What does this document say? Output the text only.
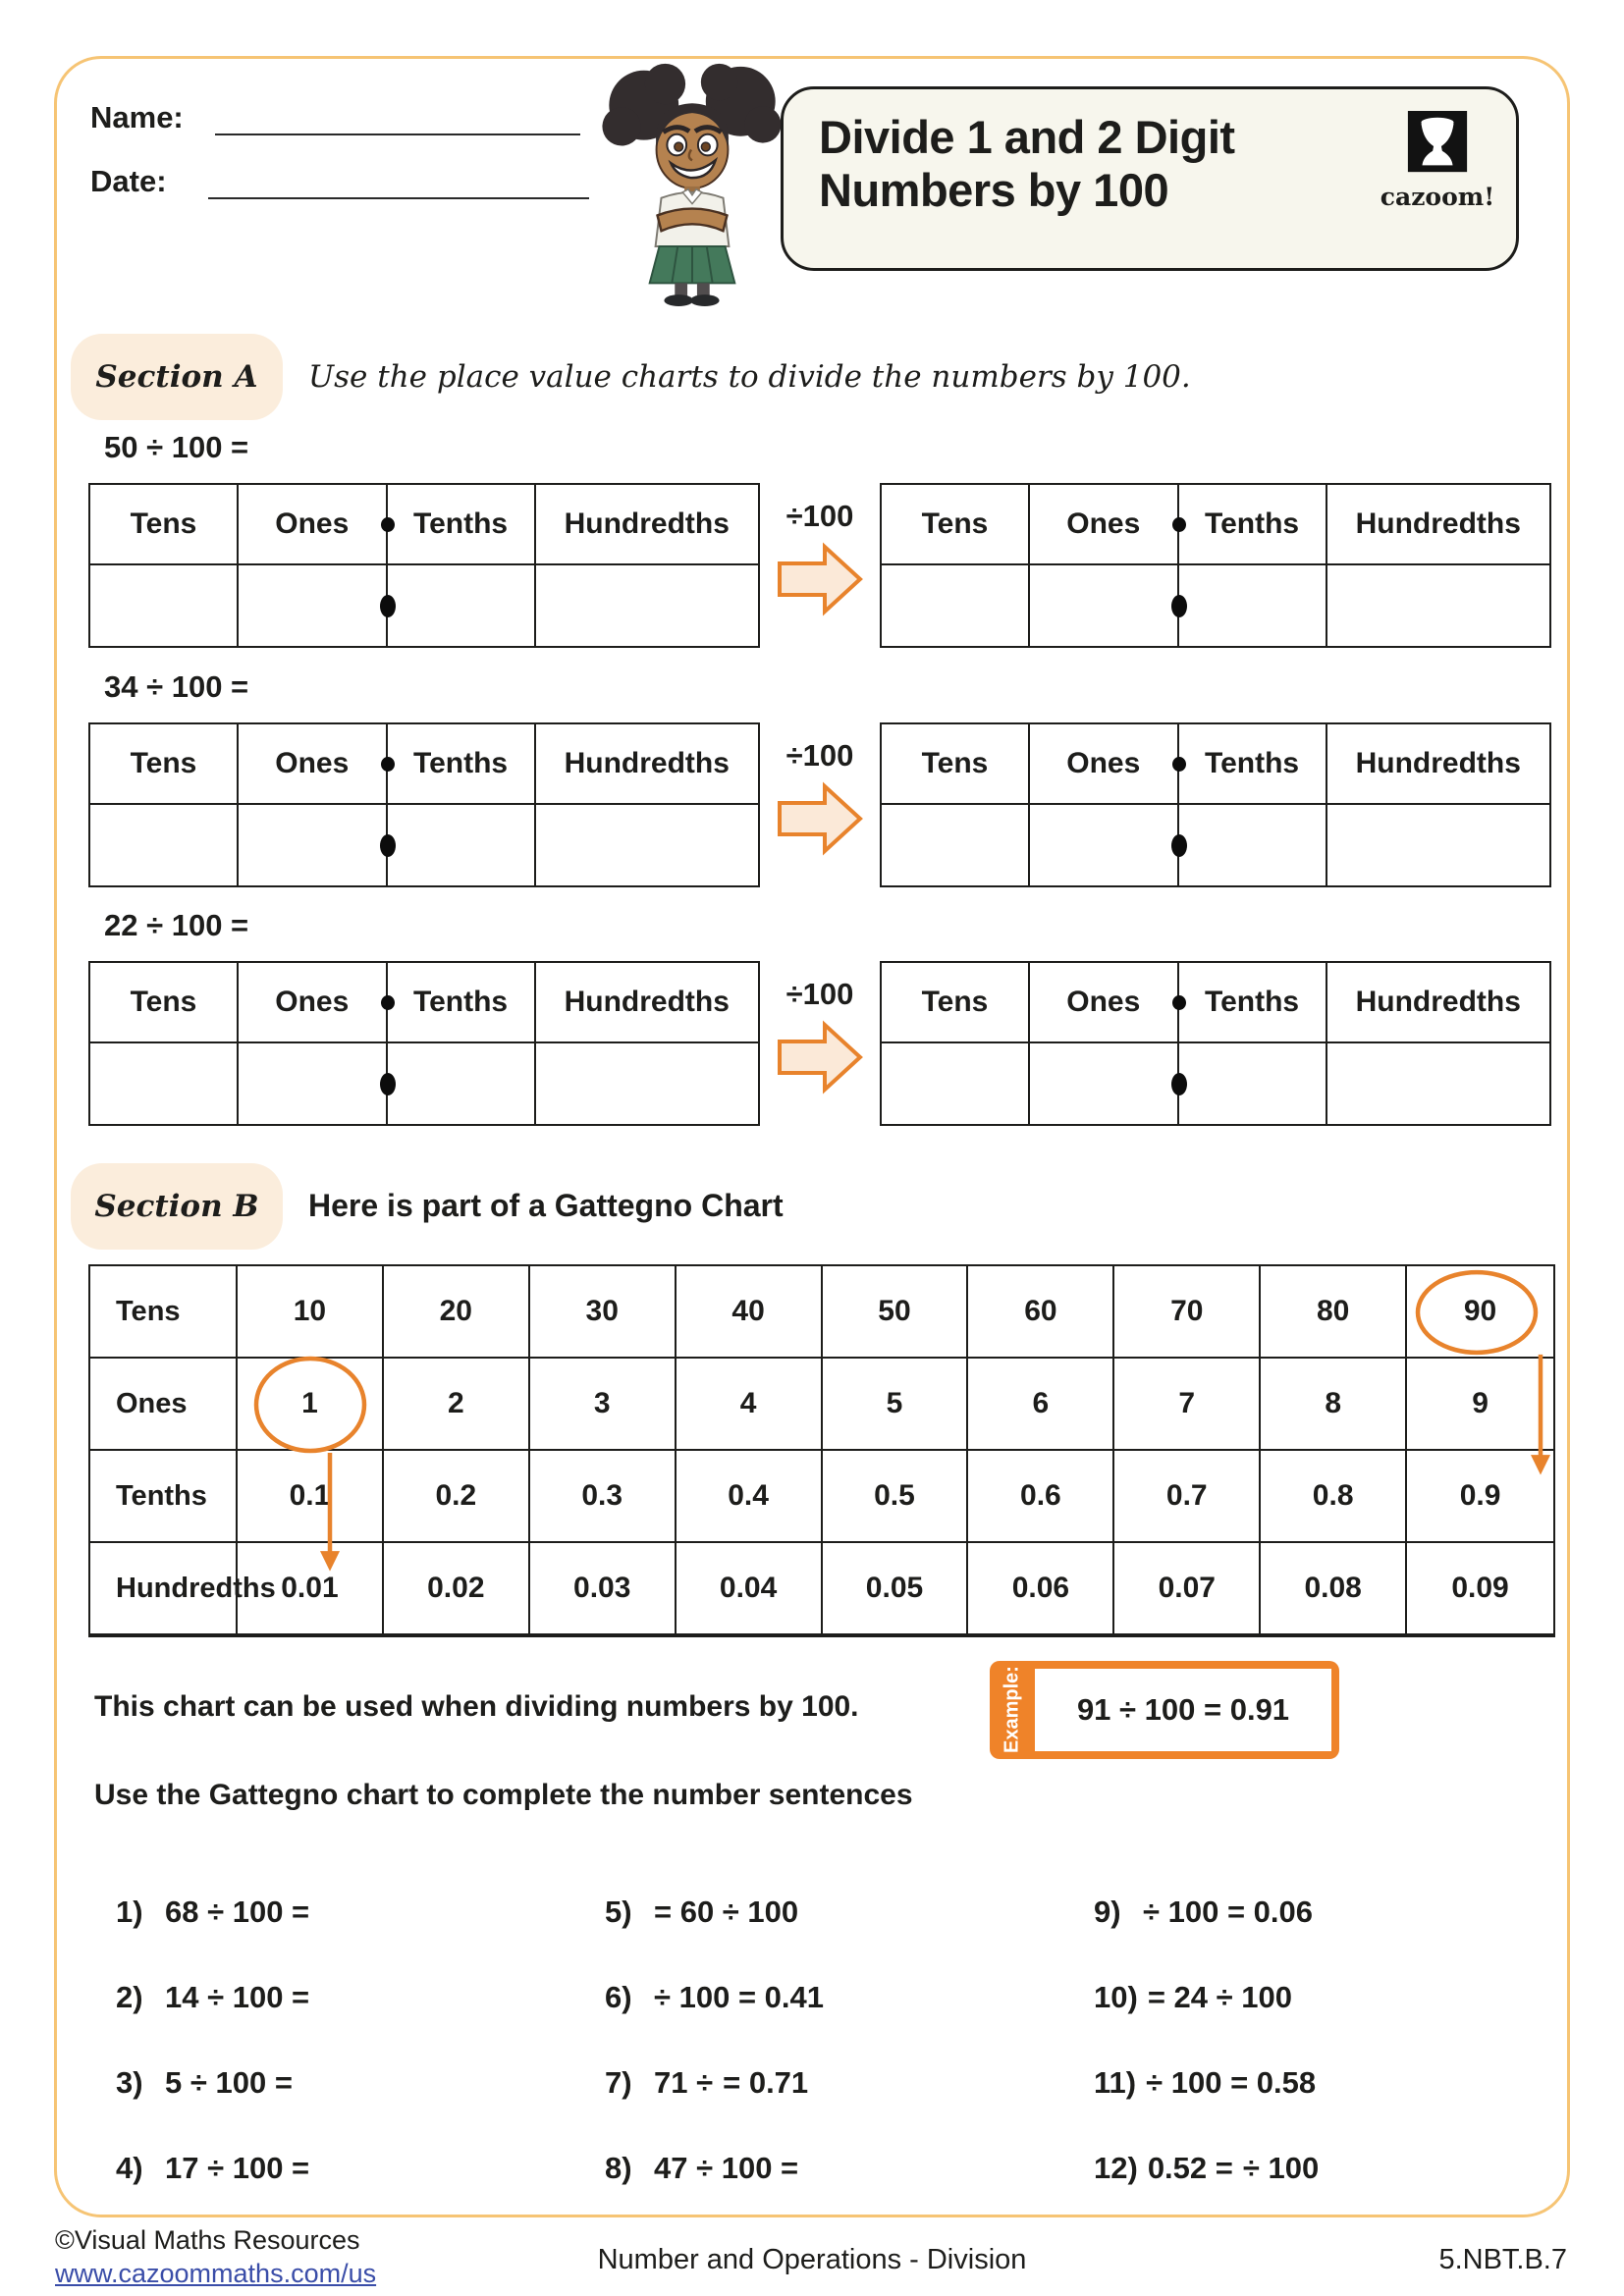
Name:
Date:
Divide 1 and 2 Digit
Numbers by 100	cazoom!
Section A Use the place value charts to divide the numbers by 100.
50 ÷ 100 =
Tens	Ones	Tenths	Hundredths	÷100	Tens	Ones	Tenths	Hundredths
34 ÷ 100 =
Tens	Ones	Tenths	Hundredths	÷100	Tens	Ones	Tenths	Hundredths
22 ÷ 100 =
Tens	Ones	Tenths	Hundredths	÷100	Tens	Ones	Tenths	Hundredths
Section B Here is part of a Gattegno Chart
Tens	10	20	30	40	50	60	70	80	90
Ones	1	2	3	4	5	6	7	8	9
Tenths	0.1	0.2	0.3	0.4	0.5	0.6	0.7	0.8	0.9
Hundredths 0.01	0.02	0.03	0.04	0.05	0.06	0.07	0.08	0.09
This chart can be used when dividing numbers by 100.	Example:	91 ÷ 100 = 0.91
Use the Gattegno chart to complete the number sentences
1) 68 ÷ 100 =
2) 14 ÷ 100 =
3) 5 ÷ 100 =
4) 17 ÷ 100 =
5) = 60 ÷ 100
6) ÷ 100 = 0.41
7) 71 ÷ = 0.71
8) 47 ÷ 100 =
9) ÷ 100 = 0.06
10) = 24 ÷ 100
11) ÷ 100 = 0.58
12) 0.52 = ÷ 100
©Visual Maths Resources
www.cazoommaths.com/us	Number and Operations - Division	5.NBT.B.7
